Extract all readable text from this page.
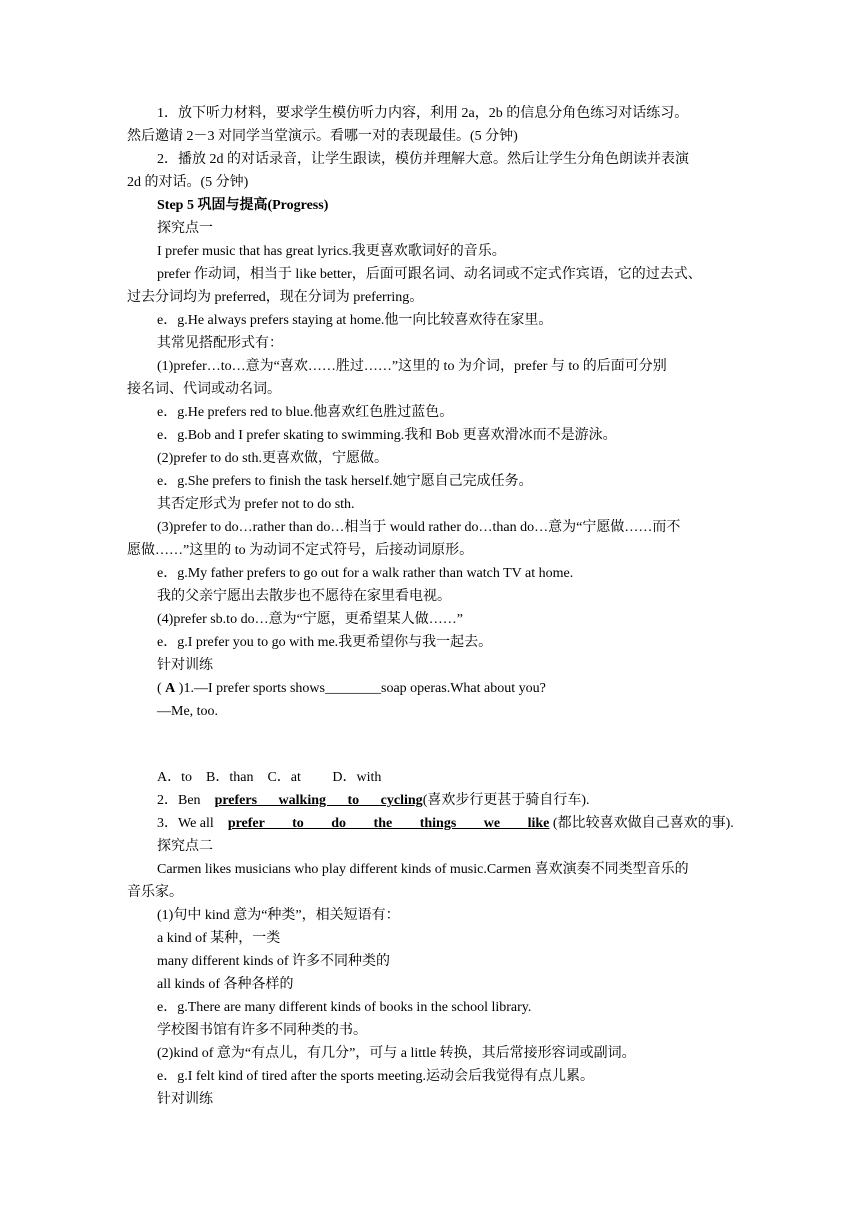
1．放下听力材料，要求学生模仿听力内容，利用 2a，2b 的信息分角色练习对话练习。
然后邀请 2－3 对同学当堂演示。看哪一对的表现最佳。(5 分钟)
2．播放 2d 的对话录音，让学生跟读，模仿并理解大意。然后让学生分角色朗读并表演
2d 的对话。(5 分钟)
Step 5 巩固与提高(Progress)
探究点一
I prefer music that has great lyrics.我更喜欢歌词好的音乐。
prefer 作动词，相当于 like better，后面可跟名词、动名词或不定式作宾语，它的过去式、
过去分词均为 preferred，现在分词为 preferring。
e．g.He always prefers staying at home.他一向比较喜欢待在家里。
其常见搭配形式有：
(1)prefer…to…意为“喜欢……胜过……”这里的 to 为介词，prefer 与 to 的后面可分别
接名词、代词或动名词。
e．g.He prefers red to blue.他喜欢红色胜过蓝色。
e．g.Bob and I prefer skating to swimming.我和 Bob 更喜欢滑冰而不是游泳。
(2)prefer to do sth.更喜欢做，宁愿做。
e．g.She prefers to finish the task herself.她宁愿自己完成任务。
其否定形式为 prefer not to do sth.
(3)prefer to do…rather than do…相当于 would rather do…than do…意为“宁愿做……而不
愿做……”这里的 to 为动词不定式符号，后接动词原形。
e．g.My father prefers to go out for a walk rather than watch TV at home.
我的父亲宁愿出去散步也不愿待在家里看电视。
(4)prefer sb.to do…意为“宁愿，更希望某人做……”
e．g.I prefer you to go with me.我更希望你与我一起去。
针对训练
( A )1.—I prefer sports shows________soap operas.What about you?
—Me, too.
A．to　B．than　C．at　　 D．with
2．Ben　prefers walking to cycling(喜欢步行更甚于骑自行车).
3．We all　prefer to do the things we like (都比较喜欢做自己喜欢的事).
探究点二
Carmen likes musicians who play different kinds of music.Carmen 喜欢演奏不同类型音乐的
音乐家。
(1)句中 kind 意为“种类”，相关短语有：
a kind of 某种，一类
many different kinds of 许多不同种类的
all kinds of 各种各样的
e．g.There are many different kinds of books in the school library.
学校图书馆有许多不同种类的书。
(2)kind of 意为“有点儿，有几分”，可与 a little 转换，其后常接形容词或副词。
e．g.I felt kind of tired after the sports meeting.运动会后我觉得有点儿累。
针对训练
